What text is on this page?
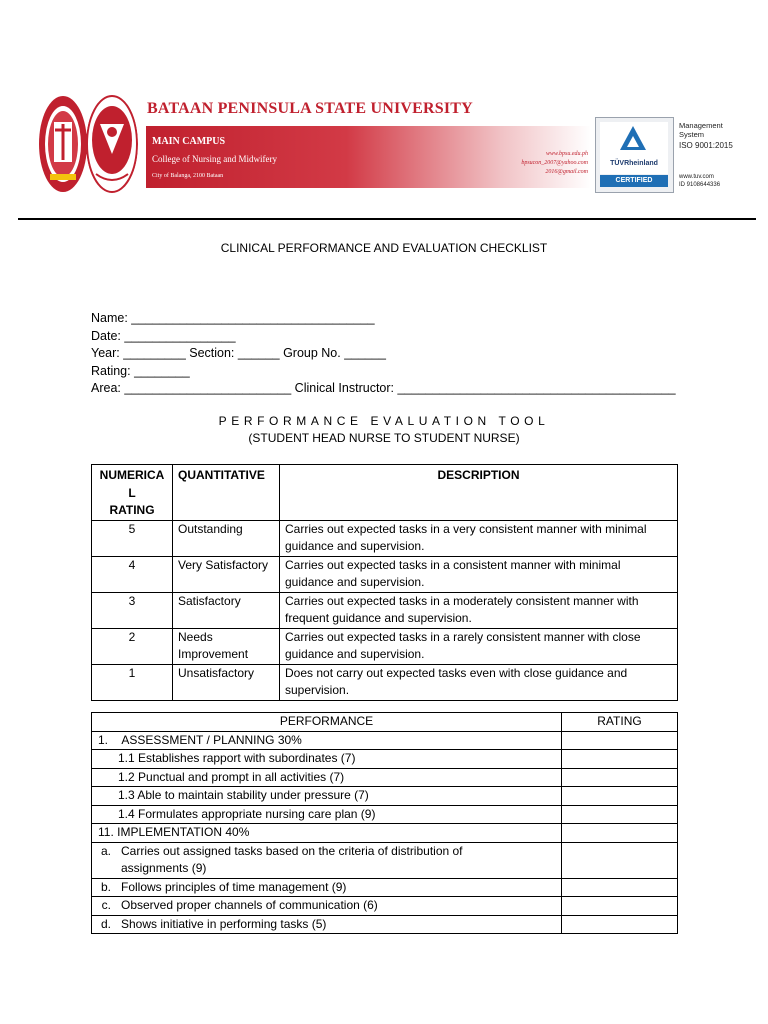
BATAAN PENINSULA STATE UNIVERSITY
MAIN CAMPUS
College of Nursing and Midwifery
City of Balanga, 2100 Bataan
www.bpsu.edu.ph
bpsucon_2007@yahoo.com
2016@gmail.com
TÜVRheinland
CERTIFIED
Management
System
ISO 9001:2015
www.tuv.com
ID 9108644336
CLINICAL PERFORMANCE AND EVALUATION CHECKLIST
Name: ___________________________________
Date: ________________
Year: _________ Section: ______ Group No. ______
Rating: ________
Area: ________________________ Clinical Instructor: ________________________________________
PERFORMANCE EVALUATION TOOL
(STUDENT HEAD NURSE TO STUDENT NURSE)
NUMERICA
L
RATING	QUANTITATIVE	DESCRIPTION
5	Outstanding	Carries out expected tasks in a very consistent manner with minimal guidance and supervision.
4	Very Satisfactory	Carries out expected tasks in a consistent manner with minimal guidance and supervision.
3	Satisfactory	Carries out expected tasks in a moderately consistent manner with frequent guidance and supervision.
2	Needs Improvement	Carries out expected tasks in a rarely consistent manner with close guidance and supervision.
1	Unsatisfactory	Does not carry out expected tasks even with close guidance and supervision.
PERFORMANCE	RATING
1.    ASSESSMENT / PLANNING 30%	
1.1 Establishes rapport with subordinates (7)	
1.2 Punctual and prompt in all activities (7)	
1.3 Able to maintain stability under pressure (7)	
1.4 Formulates appropriate nursing care plan (9)	
11. IMPLEMENTATION 40%	
a. Carries out assigned tasks based on the criteria of distribution of assignments (9)	
b. Follows principles of time management (9)	
c. Observed proper channels of communication (6)	
d. Shows initiative in performing tasks (5)	
